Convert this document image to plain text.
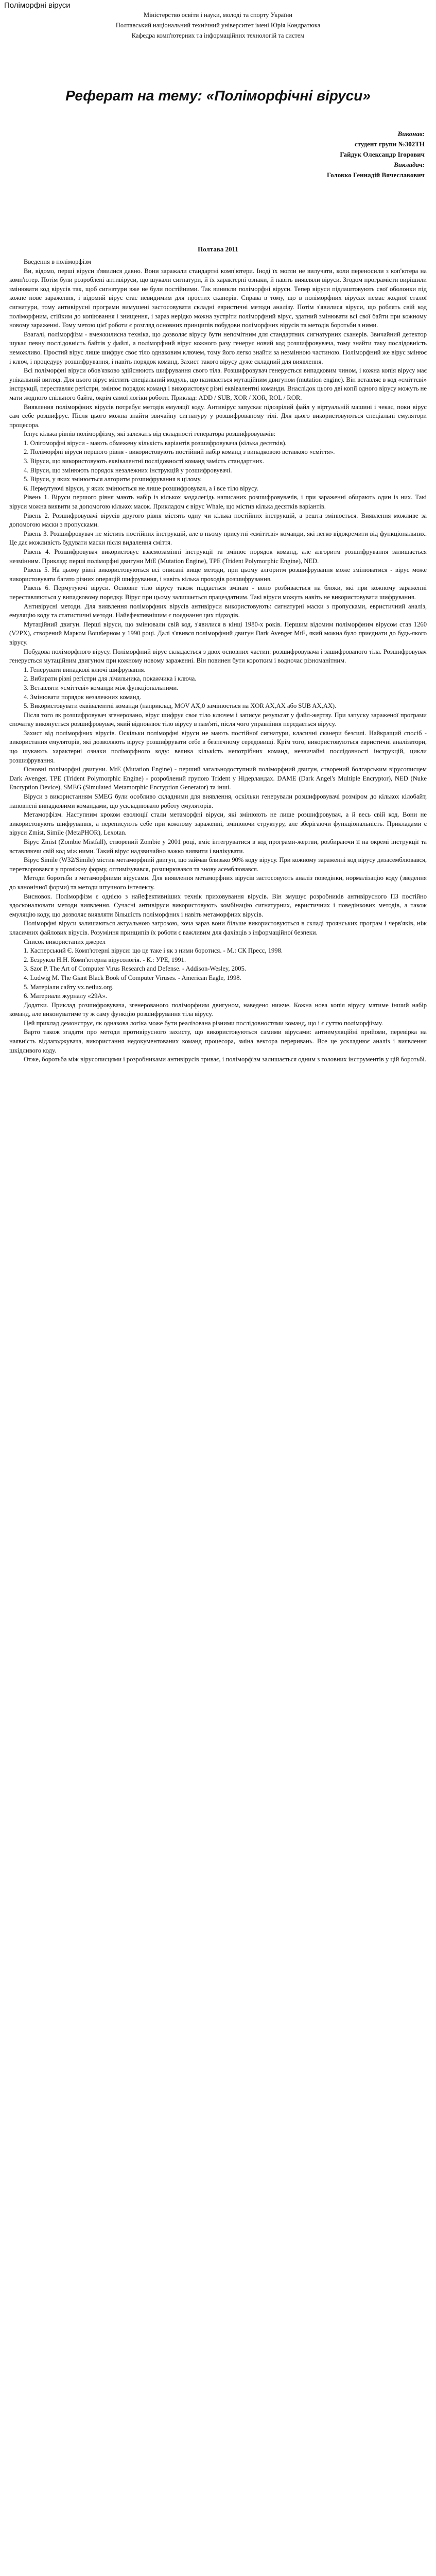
Поліморфні віруси
Міністерство освіти і науки, молоді та спорту України
Полтавський національний технічний університет імені Юрія Кондратюка
Кафедра комп'ютерних та інформаційних технологій та систем
Реферат на тему: «Поліморфічні віруси»
Виконав:
студент групи №302ТН
Гайдук Олександр Ігорович
Викладач:
Головко Геннадій Вячеславович
Полтава 2011

Введення в поліморфізм

Ви, відомо, перші віруси з'явилися давно. Вони заражали стандартні комп'ютери. Іноді їх могли не вилучати, коли переносили з коп'ютера на комп'ютер. Потім були розроблені антивіруси, що шукали сигнатури, й їх характерні ознаки, й навіть виявляли віруси. Згодом програмісти вирішили змінювати код вірусів так, щоб сигнатури вже не були постійними. Так виникли поліморфні віруси. Тепер віруси підлаштовують свої оболонки під кожне нове зараження, і відомий вірус стає невидимим для простих сканерів. Справа в тому, що в поліморфних вірусах немає жодної сталої сигнатури, тому антивірусні програми вимушені застосовувати складні евристичні методи аналізу. Потім з'явилися віруси, що роблять свій код поліморфним, стійким до копіювання і знищення, і зараз нерідко можна зустріти поліморфний вірус, здатний змінювати всі свої байти при кожному новому зараженні. Тому метою цієї роботи є розгляд основних принципів побудови поліморфних вірусів та методів боротьби з ними.

Взагалі, поліморфізм - вмежкилисна техніка, що дозволяє вірусу бути непомітним для стандартних сигнатурних сканерів. Звичайний детектор шукає певну послідовність байтів у файлі, а поліморфний вірус кожного разу генерує новий код розшифровувача, тому знайти таку послідовність неможливо. Простий вірус лише шифрує своє тіло однаковим ключем, тому його легко знайти за незмінною частиною. Поліморфний же вірус змінює і ключ, і процедуру розшифрування, і навіть порядок команд. Захист такого вірусу дуже складний для виявлення.

Всі поліморфні віруси обов'язково здійснюють шифрування свого тіла. Розшифровувач генерується випадковим чином, і кожна копія вірусу має унікальний вигляд. Для цього вірус містить спеціальний модуль, що називається мутаційним двигуном (mutation engine). Він вставляє в код «сміттєві» інструкції, переставляє регістри, змінює порядок команд і використовує різні еквівалентні команди. Внаслідок цього дві копії одного вірусу можуть не мати жодного спільного байта, окрім самої логіки роботи. Приклад: ADD / SUB, XOR / XOR, ROL / ROR.

Виявлення поліморфних вірусів потребує методів емуляції коду. Антивірус запускає підозрілий файл у віртуальній машині і чекає, поки вірус сам себе розшифрує. Після цього можна знайти звичайну сигнатуру у розшифрованому тілі. Для цього використовуються спеціальні емулятори процесора.

Існує кілька рівнів поліморфізму, які залежать від складності генератора розшифровувачів:

1. Олігоморфні віруси - мають обмежену кількість варіантів розшифровувача (кілька десятків).

2. Поліморфні віруси першого рівня - використовують постійний набір команд з випадковою вставкою «сміття».

3. Віруси, що використовують еквівалентні послідовності команд замість стандартних.

4. Віруси, що змінюють порядок незалежних інструкцій у розшифровувачі.

5. Віруси, у яких змінюється алгоритм розшифрування в цілому.

6. Пермутуючі віруси, у яких змінюється не лише розшифровувач, а і все тіло вірусу.

Рівень 1. Віруси першого рівня мають набір із кількох заздалегідь написаних розшифровувачів, і при зараженні обирають один із них. Такі віруси можна виявити за допомогою кількох масок. Прикладом є вірус Whale, що містив кілька десятків варіантів.

Рівень 2. Розшифровувачі вірусів другого рівня містять одну чи кілька постійних інструкцій, а решта змінюється. Виявлення можливе за допомогою маски з пропусками.

Рівень 3. Розшифровувач не містить постійних інструкцій, але в ньому присутні «сміттєві» команди, які легко відокремити від функціональних. Це дає можливість будувати маски після видалення сміття.

Рівень 4. Розшифровувач використовує взаємозамінні інструкції та змінює порядок команд, але алгоритм розшифрування залишається незмінним. Приклад: перші поліморфні двигуни MtE (Mutation Engine), TPE (Trident Polymorphic Engine), NED.

Рівень 5. На цьому рівні використовуються всі описані вище методи, при цьому алгоритм розшифрування може змінюватися - вірус може використовувати багато різних операцій шифрування, і навіть кілька проходів розшифрування.

Рівень 6. Пермутуючі віруси. Основне тіло вірусу також піддається змінам - воно розбивається на блоки, які при кожному зараженні переставляються у випадковому порядку. Вірус при цьому залишається працездатним. Такі віруси можуть навіть не використовувати шифрування.

Антивірусні методи. Для виявлення поліморфних вірусів антивіруси використовують: сигнатурні маски з пропусками, евристичний аналіз, емуляцію коду та статистичні методи. Найефективнішим є поєднання цих підходів.

Мутаційний двигун. Перші віруси, що змінювали свій код, з'явилися в кінці 1980-х років. Першим відомим поліморфним вірусом став 1260 (V2PX), створений Марком Вошберном у 1990 році. Далі з'явився поліморфний двигун Dark Avenger MtE, який можна було приєднати до будь-якого вірусу.

Побудова поліморфного вірусу. Поліморфний вірус складається з двох основних частин: розшифровувача і зашифрованого тіла. Розшифровувач генерується мутаційним двигуном при кожному новому зараженні. Він повинен бути коротким і водночас різноманітним.

1. Генерувати випадкові ключі шифрування.

2. Вибирати різні регістри для лічильника, покажчика і ключа.

3. Вставляти «сміттєві» команди між функціональними.

4. Змінювати порядок незалежних команд.

5. Використовувати еквівалентні команди (наприклад, MOV AX,0 замінюється на XOR AX,AX або SUB AX,AX).

Після того як розшифровувач згенеровано, вірус шифрує своє тіло ключем і записує результат у файл-жертву. При запуску зараженої програми спочатку виконується розшифровувач, який відновлює тіло вірусу в пам'яті, після чого управління передається вірусу.

Захист від поліморфних вірусів. Оскільки поліморфні віруси не мають постійної сигнатури, класичні сканери безсилі. Найкращий спосіб - використання емуляторів, які дозволяють вірусу розшифрувати себе в безпечному середовищі. Крім того, використовуються евристичні аналізатори, що шукають характерні ознаки поліморфного коду: велика кількість непотрібних команд, незвичайні послідовності інструкцій, цикли розшифрування.

Основні поліморфні двигуни. MtE (Mutation Engine) - перший загальнодоступний поліморфний двигун, створений болгарським вірусописцем Dark Avenger. TPE (Trident Polymorphic Engine) - розроблений групою Trident у Нідерландах. DAME (Dark Angel's Multiple Encryptor), NED (Nuke Encryption Device), SMEG (Simulated Metamorphic Encryption Generator) та інші.

Віруси з використанням SMEG були особливо складними для виявлення, оскільки генерували розшифровувачі розміром до кількох кілобайт, наповнені випадковими командами, що ускладнювало роботу емуляторів.

Метаморфізм. Наступним кроком еволюції стали метаморфні віруси, які змінюють не лише розшифровувач, а й весь свій код. Вони не використовують шифрування, а переписують себе при кожному зараженні, змінюючи структуру, але зберігаючи функціональність. Прикладами є віруси Zmist, Simile (MetaPHOR), Lexotan.

Вірус Zmist (Zombie Mistfall), створений Zombie у 2001 році, вміє інтегруватися в код програми-жертви, розбираючи її на окремі інструкції та вставляючи свій код між ними. Такий вірус надзвичайно важко виявити і вилікувати.

Вірус Simile (W32/Simile) містив метаморфний двигун, що займав близько 90% коду вірусу. При кожному зараженні код вірусу дизасемблювався, перетворювався у проміжну форму, оптимізувався, розширювався та знову асемблювався.

Методи боротьби з метаморфними вірусами. Для виявлення метаморфних вірусів застосовують аналіз поведінки, нормалізацію коду (зведення до канонічної форми) та методи штучного інтелекту.

Висновок. Поліморфізм є однією з найефективніших технік приховування вірусів. Він змушує розробників антивірусного ПЗ постійно вдосконалювати методи виявлення. Сучасні антивіруси використовують комбінацію сигнатурних, евристичних і поведінкових методів, а також емуляцію коду, що дозволяє виявляти більшість поліморфних і навіть метаморфних вірусів.

Поліморфні віруси залишаються актуальною загрозою, хоча зараз вони більше використовуються в складі троянських програм і черв'яків, ніж класичних файлових вірусів. Розуміння принципів їх роботи є важливим для фахівців з інформаційної безпеки.

Список використаних джерел

1. Касперський Є. Комп'ютерні віруси: що це таке і як з ними боротися. - М.: СК Пресс, 1998.

2. Безруков Н.Н. Комп'ютерна вірусологія. - К.: УРЕ, 1991.

3. Szor P. The Art of Computer Virus Research and Defense. - Addison-Wesley, 2005.

4. Ludwig M. The Giant Black Book of Computer Viruses. - American Eagle, 1998.

5. Матеріали сайту vx.netlux.org.

6. Материали журналу «29A».

Додатки. Приклад розшифровувача, згенерованого поліморфним двигуном, наведено нижче. Кожна нова копія вірусу матиме інший набір команд, але виконуватиме ту ж саму функцію розшифрування тіла вірусу.

Цей приклад демонструє, як однакова логіка може бути реалізована різними послідовностями команд, що і є суттю поліморфізму.

Варто також згадати про методи противірусного захисту, що використовуються самими вірусами: антиемуляційні прийоми, перевірка на наявність відлагоджувача, використання недокументованих команд процесора, зміна вектора переривань. Все це ускладнює аналіз і виявлення шкідливого коду.

Отже, боротьба між вірусописцями і розробниками антивірусів триває, і поліморфізм залишається одним з головних інструментів у цій боротьбі.
